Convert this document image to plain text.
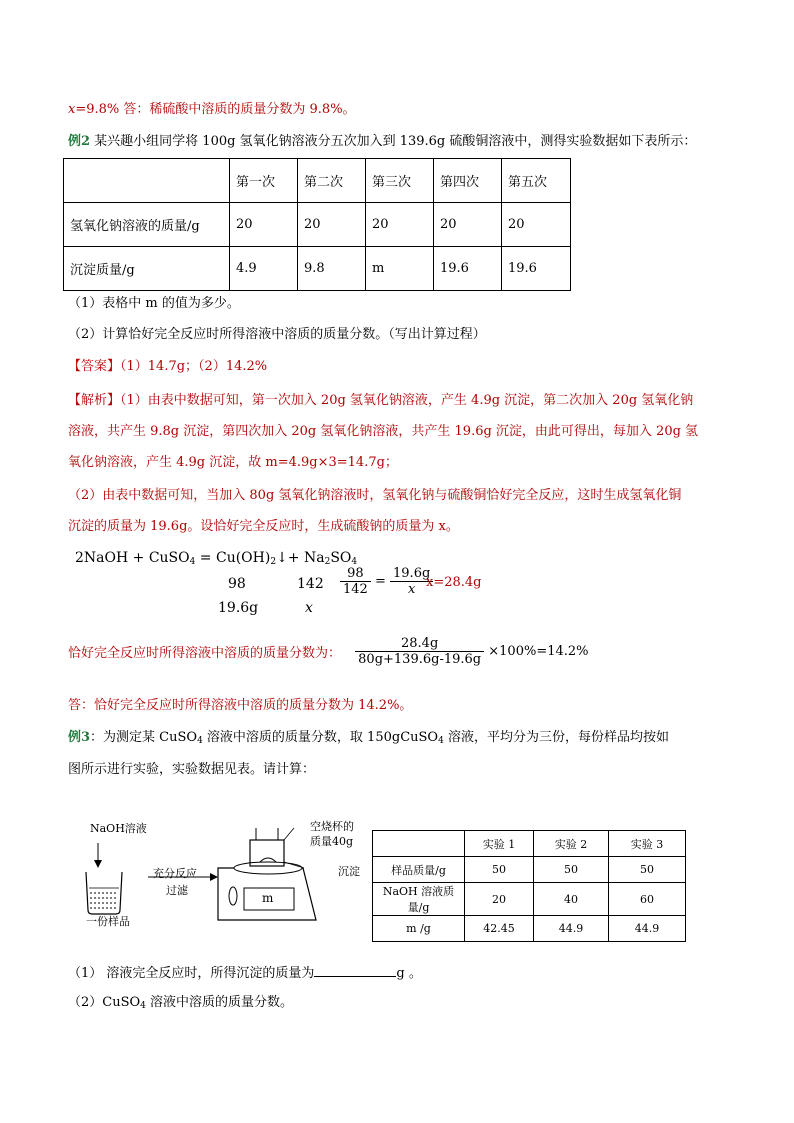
x=9.8% 答：稀硫酸中溶质的质量分数为 9.8%。
例2 某兴趣小组同学将 100g 氢氧化钠溶液分五次加入到 139.6g 硫酸铜溶液中，测得实验数据如下表所示：
	第一次	第二次	第三次	第四次	第五次
氢氧化钠溶液的质量/g	20	20	20	20	20
沉淀质量/g	4.9	9.8	m	19.6	19.6
（1）表格中 m 的值为多少。
（2）计算恰好完全反应时所得溶液中溶质的质量分数。（写出计算过程）
【答案】（1）14.7g；（2）14.2%
【解析】（1）由表中数据可知，第一次加入 20g 氢氧化钠溶液，产生 4.9g 沉淀，第二次加入 20g 氢氧化钠
溶液，共产生 9.8g 沉淀，第四次加入 20g 氢氧化钠溶液，共产生 19.6g 沉淀，由此可得出，每加入 20g 氢
氧化钠溶液，产生 4.9g 沉淀，故 m=4.9g×3=14.7g；
（2）由表中数据可知，当加入 80g 氢氧化钠溶液时，氢氧化钠与硫酸铜恰好完全反应，这时生成氢氧化铜
沉淀的质量为 19.6g。设恰好完全反应时，生成硫酸钠的质量为 x。
2NaOH + CuSO$_4$ = $Cu(OH)_2↓+ Na_2SO_4$
98	142
19.6g	x
$\frac{98}{142} = \frac{19.6g}{x}$
x=28.4g
恰好完全反应时所得溶液中溶质的质量分数为： $\frac{28.4g}{80g+139.6g-19.6g} \times 100\%=14.2\%$
答：恰好完全反应时所得溶液中溶质的质量分数为 14.2%。
例3：为测定某 CuSO$_4$ 溶液中溶质的质量分数，取 150gCuSO$_4$ 溶液，平均分为三份，每份样品均按如
图所示进行实验，实验数据见表。请计算：
NaOH溶液
一份样品
充分反应
过滤
空烧杯的
质量40g
沉淀
m
	实验 1	实验 2	实验 3
样品质量/g	50	50	50
NaOH 溶液质量/g	20	40	60
m /g	42.45	44.9	44.9
（1） 溶液完全反应时，所得沉淀的质量为	g 。
（2）CuSO$_4$ 溶液中溶质的质量分数。
